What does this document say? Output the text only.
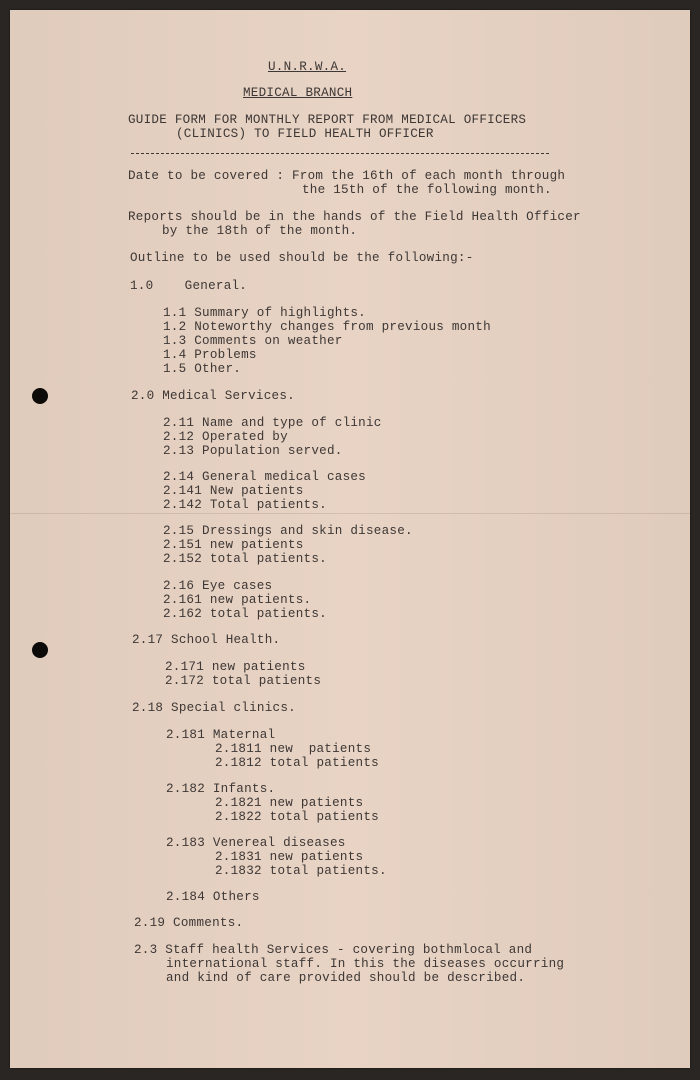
U.N.R.W.A.
MEDICAL BRANCH
GUIDE FORM FOR MONTHLY REPORT FROM MEDICAL OFFICERS
(CLINICS) TO FIELD HEALTH OFFICER
Date to be covered : From the 16th of each month through
the 15th of the following month.
Reports should be in the hands of the Field Health Officer
by the 18th of the month.
Outline to be used should be the following:-
1.0    General.
1.1 Summary of highlights.
1.2 Noteworthy changes from previous month
1.3 Comments on weather
1.4 Problems
1.5 Other.
2.0 Medical Services.
2.11 Name and type of clinic
2.12 Operated by
2.13 Population served.
2.14 General medical cases
2.141 New patients
2.142 Total patients.
2.15 Dressings and skin disease.
2.151 new patients
2.152 total patients.
2.16 Eye cases
2.161 new patients.
2.162 total patients.
2.17 School Health.
2.171 new patients
2.172 total patients
2.18 Special clinics.
2.181 Maternal
2.1811 new  patients
2.1812 total patients
2.182 Infants.
2.1821 new patients
2.1822 total patients
2.183 Venereal diseases
2.1831 new patients
2.1832 total patients.
2.184 Others
2.19 Comments.
2.3 Staff health Services - covering bothmlocal and
international staff. In this the diseases occurring
and kind of care provided should be described.
